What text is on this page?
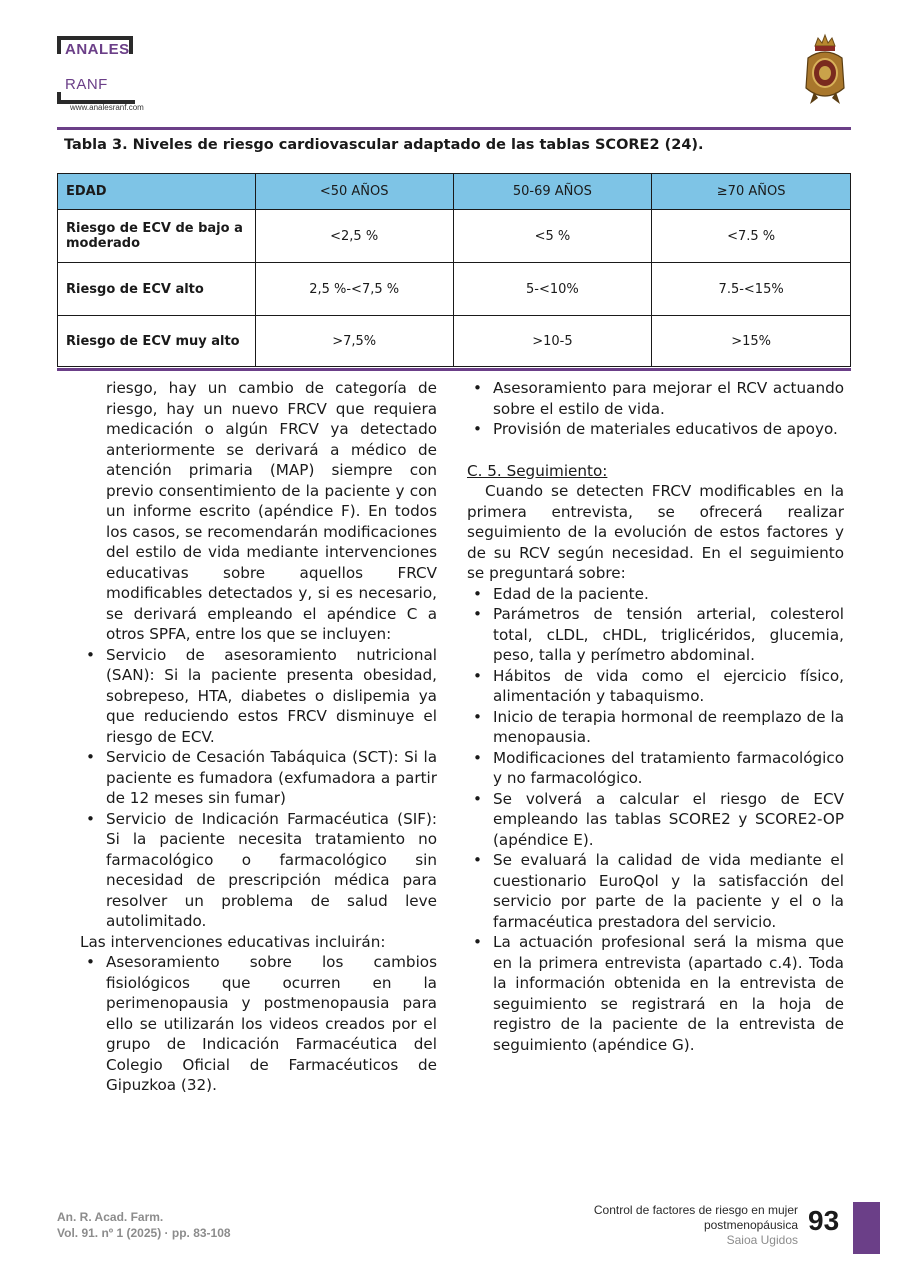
ANALES
RANF
www.analesranf.com
Tabla 3. Niveles de riesgo cardiovascular adaptado de las tablas SCORE2 (24).
EDAD	<50 AÑOS	50-69 AÑOS	≥70 AÑOS
Riesgo de ECV de bajo a moderado	<2,5 %	<5 %	<7.5 %
Riesgo de ECV alto	2,5 %-<7,5 %	5-<10%	7.5-<15%
Riesgo de ECV muy alto	>7,5%	>10-5	>15%

riesgo, hay un cambio de categoría de riesgo, hay un nuevo FRCV que requiera medicación o algún FRCV ya detectado anteriormente se derivará a médico de atención primaria (MAP) siempre con previo consentimiento de la paciente y con un informe escrito (apéndice F). En todos los casos, se recomendarán modificaciones del estilo de vida mediante intervenciones educativas sobre aquellos FRCV modificables detectados y, si es necesario, se derivará empleando el apéndice C a otros SPFA, entre los que se incluyen:

• Servicio de asesoramiento nutricional (SAN): Si la paciente presenta obesidad, sobrepeso, HTA, diabetes o dislipemia ya que reduciendo estos FRCV disminuye el riesgo de ECV.
• Servicio de Cesación Tabáquica (SCT): Si la paciente es fumadora (exfumadora a partir de 12 meses sin fumar)
• Servicio de Indicación Farmacéutica (SIF): Si la paciente necesita tratamiento no farmacológico o farmacológico sin necesidad de prescripción médica para resolver un problema de salud leve autolimitado.

Las intervenciones educativas incluirán:

• Asesoramiento sobre los cambios fisiológicos que ocurren en la perimenopausia y postmenopausia para ello se utilizarán los videos creados por el grupo de Indicación Farmacéutica del Colegio Oficial de Farmacéuticos de Gipuzkoa (32).
• Asesoramiento para mejorar el RCV actuando sobre el estilo de vida.
• Provisión de materiales educativos de apoyo.

C. 5. Seguimiento:

Cuando se detecten FRCV modificables en la primera entrevista, se ofrecerá realizar seguimiento de la evolución de estos factores y de su RCV según necesidad. En el seguimiento se preguntará sobre:

• Edad de la paciente.
• Parámetros de tensión arterial, colesterol total, cLDL, cHDL, triglicéridos, glucemia, peso, talla y perímetro abdominal.
• Hábitos de vida como el ejercicio físico, alimentación y tabaquismo.
• Inicio de terapia hormonal de reemplazo de la menopausia.
• Modificaciones del tratamiento farmacológico y no farmacológico.
• Se volverá a calcular el riesgo de ECV empleando las tablas SCORE2 y SCORE2-OP (apéndice E).
• Se evaluará la calidad de vida mediante el cuestionario EuroQol y la satisfacción del servicio por parte de la paciente y el o la farmacéutica prestadora del servicio.
• La actuación profesional será la misma que en la primera entrevista (apartado c.4). Toda la información obtenida en la entrevista de seguimiento se registrará en la hoja de registro de la paciente de la entrevista de seguimiento (apéndice G).
An. R. Acad. Farm.
Vol. 91. nº 1 (2025) · pp. 83-108
Control de factores de riesgo en mujer
postmenopáusica
Saioa Ugidos
93
